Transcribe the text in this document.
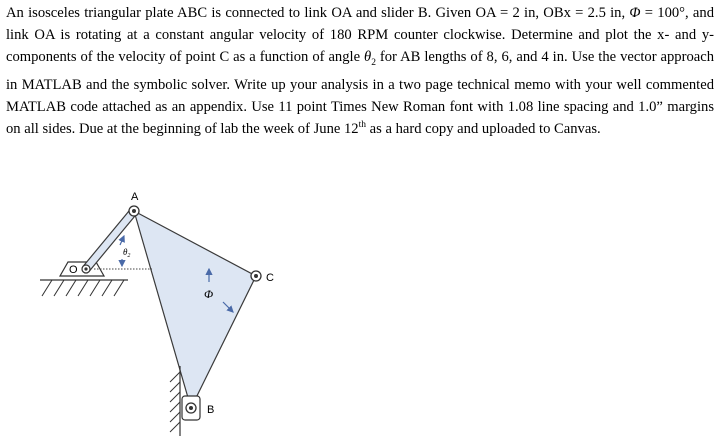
An isosceles triangular plate ABC is connected to link OA and slider B. Given OA = 2 in, OBx = 2.5 in, Φ = 100°, and link OA is rotating at a constant angular velocity of 180 RPM counter clockwise. Determine and plot the x- and y-components of the velocity of point C as a function of angle $\theta_2$ for AB lengths of 8, 6, and 4 in. Use the vector approach in MATLAB and the symbolic solver. Write up your analysis in a two page technical memo with your well commented MATLAB code attached as an appendix. Use 11 point Times New Roman font with 1.08 line spacing and 1.0” margins on all sides. Due at the beginning of lab the week of June 12th as a hard copy and uploaded to Canvas.

$\theta_2$
O
A
C
Φ
B
